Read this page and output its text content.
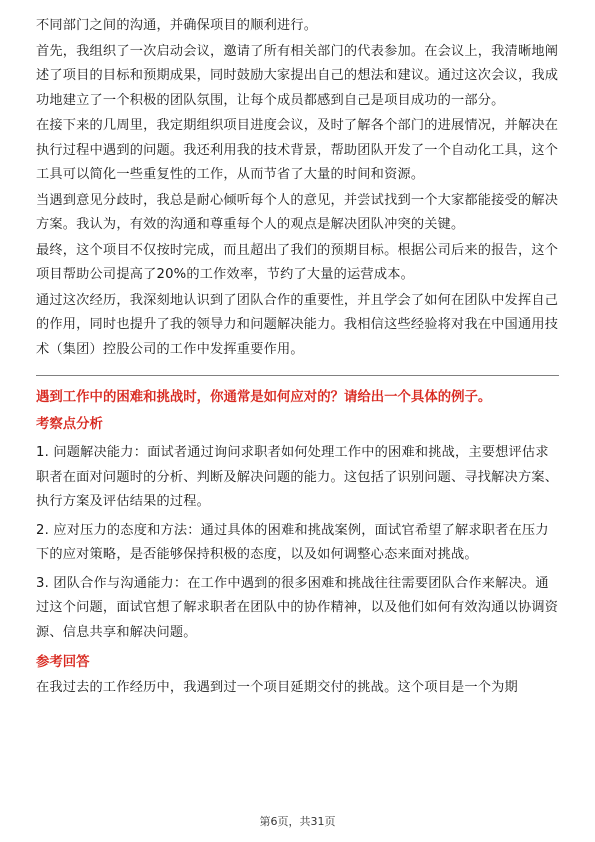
不同部门之间的沟通，并确保项目的顺利进行。

首先，我组织了一次启动会议，邀请了所有相关部门的代表参加。在会议上，我清晰地阐述了项目的目标和预期成果，同时鼓励大家提出自己的想法和建议。通过这次会议，我成功地建立了一个积极的团队氛围，让每个成员都感到自己是项目成功的一部分。

在接下来的几周里，我定期组织项目进度会议，及时了解各个部门的进展情况，并解决在执行过程中遇到的问题。我还利用我的技术背景，帮助团队开发了一个自动化工具，这个工具可以简化一些重复性的工作，从而节省了大量的时间和资源。

当遇到意见分歧时，我总是耐心倾听每个人的意见，并尝试找到一个大家都能接受的解决方案。我认为，有效的沟通和尊重每个人的观点是解决团队冲突的关键。

最终，这个项目不仅按时完成，而且超出了我们的预期目标。根据公司后来的报告，这个项目帮助公司提高了20%的工作效率，节约了大量的运营成本。

通过这次经历，我深刻地认识到了团队合作的重要性，并且学会了如何在团队中发挥自己的作用，同时也提升了我的领导力和问题解决能力。我相信这些经验将对我在中国通用技术（集团）控股公司的工作中发挥重要作用。

遇到工作中的困难和挑战时，你通常是如何应对的？请给出一个具体的例子。

考察点分析

1. 问题解决能力：面试者通过询问求职者如何处理工作中的困难和挑战，主要想评估求职者在面对问题时的分析、判断及解决问题的能力。这包括了识别问题、寻找解决方案、执行方案及评估结果的过程。

2. 应对压力的态度和方法：通过具体的困难和挑战案例，面试官希望了解求职者在压力下的应对策略，是否能够保持积极的态度，以及如何调整心态来面对挑战。

3. 团队合作与沟通能力：在工作中遇到的很多困难和挑战往往需要团队合作来解决。通过这个问题，面试官想了解求职者在团队中的协作精神，以及他们如何有效沟通以协调资源、信息共享和解决问题。

参考回答

在我过去的工作经历中，我遇到过一个项目延期交付的挑战。这个项目是一个为期

第6页，共31页
